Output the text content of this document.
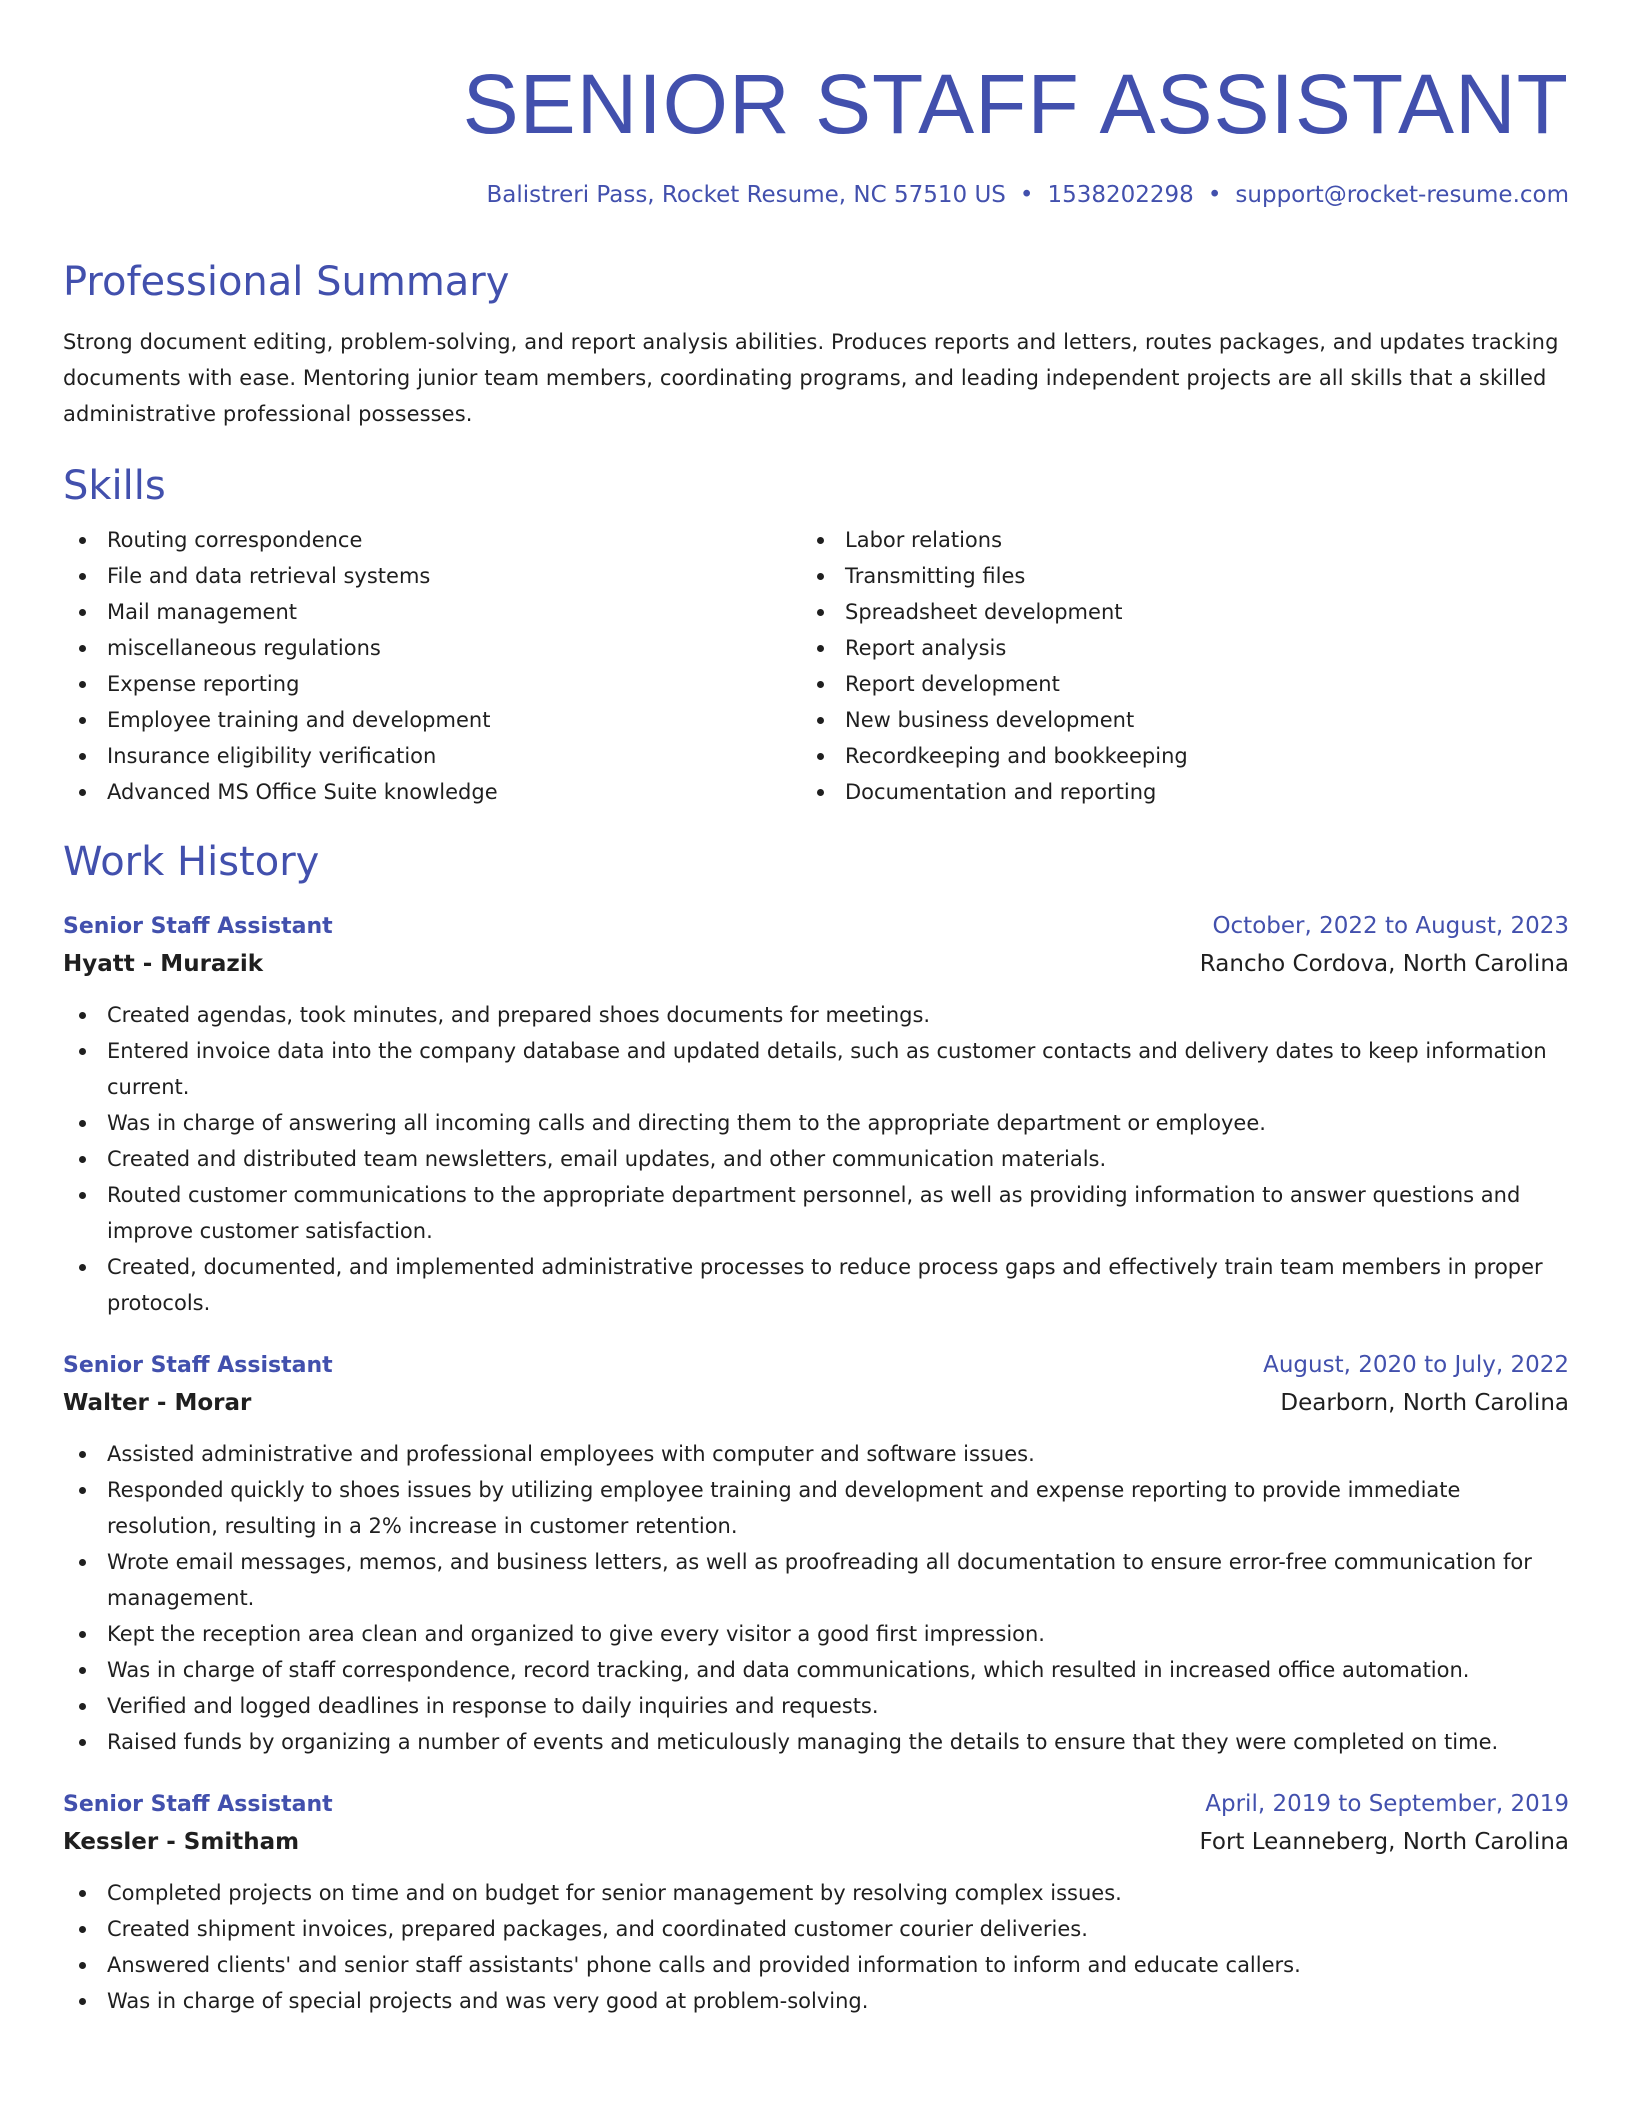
SENIOR STAFF ASSISTANT
Balistreri Pass, Rocket Resume, NC 57510 US • 1538202298 • support@rocket-resume.com
Professional Summary

Strong document editing, problem-solving, and report analysis abilities. Produces reports and letters, routes packages, and updates tracking documents with ease. Mentoring junior team members, coordinating programs, and leading independent projects are all skills that a skilled administrative professional possesses.

Skills
Routing correspondence
File and data retrieval systems
Mail management
miscellaneous regulations
Expense reporting
Employee training and development
Insurance eligibility verification
Advanced MS Office Suite knowledge
Labor relations
Transmitting files
Spreadsheet development
Report analysis
Report development
New business development
Recordkeeping and bookkeeping
Documentation and reporting
Work History
Senior Staff Assistant	October, 2022 to August, 2023
Hyatt - Murazik	Rancho Cordova, North Carolina
Created agendas, took minutes, and prepared shoes documents for meetings.
Entered invoice data into the company database and updated details, such as customer contacts and delivery dates to keep information current.
Was in charge of answering all incoming calls and directing them to the appropriate department or employee.
Created and distributed team newsletters, email updates, and other communication materials.
Routed customer communications to the appropriate department personnel, as well as providing information to answer questions and improve customer satisfaction.
Created, documented, and implemented administrative processes to reduce process gaps and effectively train team members in proper protocols.
Senior Staff Assistant	August, 2020 to July, 2022
Walter - Morar	Dearborn, North Carolina
Assisted administrative and professional employees with computer and software issues.
Responded quickly to shoes issues by utilizing employee training and development and expense reporting to provide immediate resolution, resulting in a 2% increase in customer retention.
Wrote email messages, memos, and business letters, as well as proofreading all documentation to ensure error-free communication for management.
Kept the reception area clean and organized to give every visitor a good first impression.
Was in charge of staff correspondence, record tracking, and data communications, which resulted in increased office automation.
Verified and logged deadlines in response to daily inquiries and requests.
Raised funds by organizing a number of events and meticulously managing the details to ensure that they were completed on time.
Senior Staff Assistant	April, 2019 to September, 2019
Kessler - Smitham	Fort Leanneberg, North Carolina
Completed projects on time and on budget for senior management by resolving complex issues.
Created shipment invoices, prepared packages, and coordinated customer courier deliveries.
Answered clients' and senior staff assistants' phone calls and provided information to inform and educate callers.
Was in charge of special projects and was very good at problem-solving.
